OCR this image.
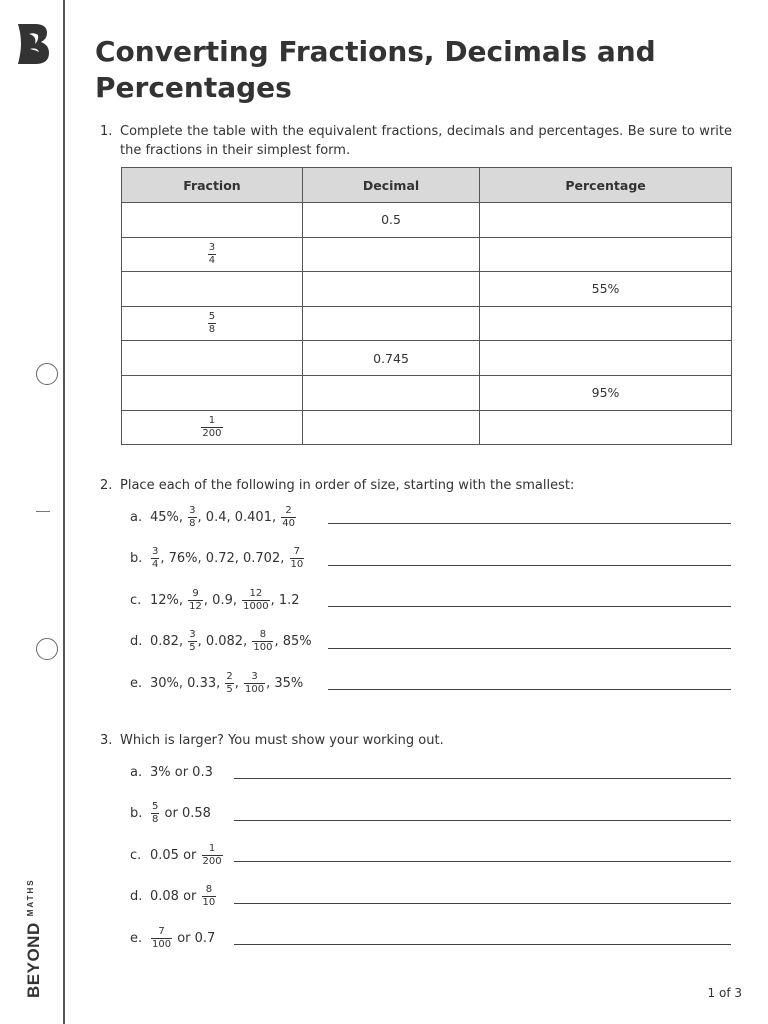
$BEYOND^{MATHS}$
Converting Fractions, Decimals and Percentages
1. Complete the table with the equivalent fractions, decimals and percentages. Be sure to write the fractions in their simplest form.
Fraction	Decimal	Percentage
	0.5	

$\frac{3}{4}$

		55%

$\frac{5}{8}$

	0.745	
		95%

$\frac{1}{200}$

2. Place each of the following in order of size, starting with the smallest:
a. 45%, $\frac{3}{8}$ , 0.4, 0.401, $\frac{2}{40}$
b. $\frac{3}{4}$ , 76%, 0.72, 0.702, $\frac{7}{10}$
c. 12%, $\frac{9}{12}$ , 0.9, $\frac{12}{1000}$ , 1.2
d. 0.82, $\frac{3}{5}$ , 0.082, $\frac{8}{100}$ , 85%
e. 30%, 0.33, $\frac{2}{5}$ , $\frac{3}{100}$ , 35%
3. Which is larger? You must show your working out.
a. 3% or 0.3
b. $\frac{5}{8}$ or 0.58
c. 0.05 or $\frac{1}{200}$
d. 0.08 or $\frac{8}{10}$
e. $\frac{7}{100}$ or 0.7
1 of 3
